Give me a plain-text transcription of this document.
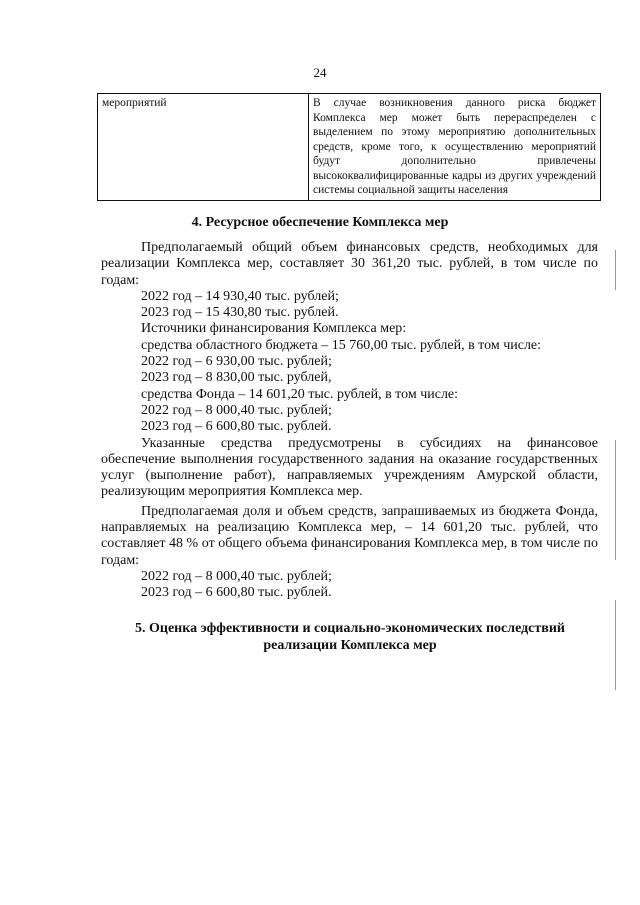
24
мероприятий	В случае возникновения данного риска бюджет Комплекса мер может быть перераспределен с выделением по этому мероприятию дополнительных средств, кроме того, к осуществлению мероприятий будут дополнительно привлечены высококвалифицированные кадры из других учреждений системы социальной защиты населения
4. Ресурсное обеспечение Комплекса мер

Предполагаемый общий объем финансовых средств, необходимых для реализации Комплекса мер, составляет 30 361,20 тыс. рублей, в том числе по годам:

2022 год – 14 930,40 тыс. рублей;

2023 год – 15 430,80 тыс. рублей.

Источники финансирования Комплекса мер:

средства областного бюджета – 15 760,00 тыс. рублей, в том числе:

2022 год – 6 930,00 тыс. рублей;

2023 год – 8 830,00 тыс. рублей,

средства Фонда – 14 601,20 тыс. рублей, в том числе:

2022 год – 8 000,40 тыс. рублей;

2023 год – 6 600,80 тыс. рублей.

Указанные средства предусмотрены в субсидиях на финансовое обеспечение выполнения государственного задания на оказание государственных услуг (выполнение работ), направляемых учреждениям Амурской области, реализующим мероприятия Комплекса мер.

Предполагаемая доля и объем средств, запрашиваемых из бюджета Фонда, направляемых на реализацию Комплекса мер, – 14 601,20 тыс. рублей, что составляет 48 % от общего объема финансирования Комплекса мер, в том числе по годам:

2022 год – 8 000,40 тыс. рублей;

2023 год – 6 600,80 тыс. рублей.

5. Оценка эффективности и социально-экономических последствий
реализации Комплекса мер
